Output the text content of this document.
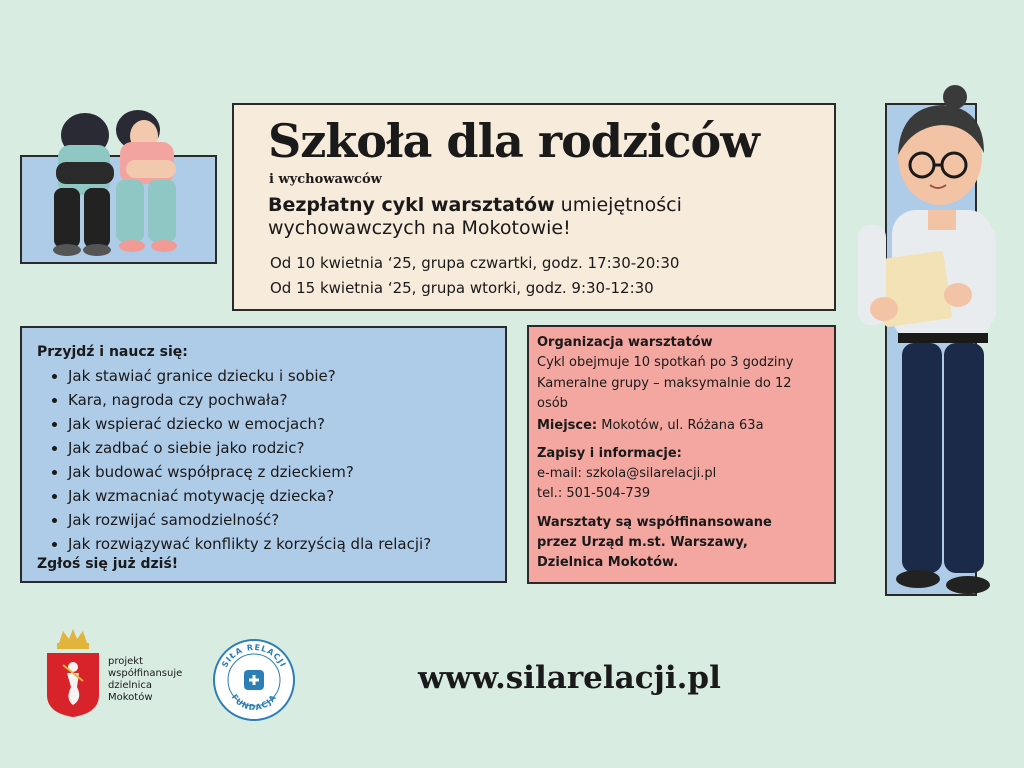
Szkoła dla rodziców
i wychowawców
Bezpłatny cykl warsztatów umiejętności wychowawczych na Mokotowie!
Od 10 kwietnia ‘25, grupa czwartki, godz. 17:30-20:30
Od 15 kwietnia ‘25, grupa wtorki, godz. 9:30-12:30
Przyjdź i naucz się:
• Jak stawiać granice dziecku i sobie?
• Kara, nagroda czy pochwała?
• Jak wspierać dziecko w emocjach?
• Jak zadbać o siebie jako rodzic?
• Jak budować współpracę z dzieckiem?
• Jak wzmacniać motywację dziecka?
• Jak rozwijać samodzielność?
• Jak rozwiązywać konflikty z korzyścią dla relacji?
Zgłoś się już dziś!
Organizacja warsztatów
Cykl obejmuje 10 spotkań po 3 godziny
Kameralne grupy – maksymalnie do 12 osób
Miejsce: Mokotów, ul. Różana 63a
Zapisy i informacje:
e-mail: szkola@silarelacji.pl
tel.: 501-504-739
Warsztaty są współfinansowane przez Urząd m.st. Warszawy, Dzielnica Mokotów.
projekt
współfinansuje
dzielnica
Mokotów
SIŁA RELACJI
FUNDACJA
www.silarelacji.pl
